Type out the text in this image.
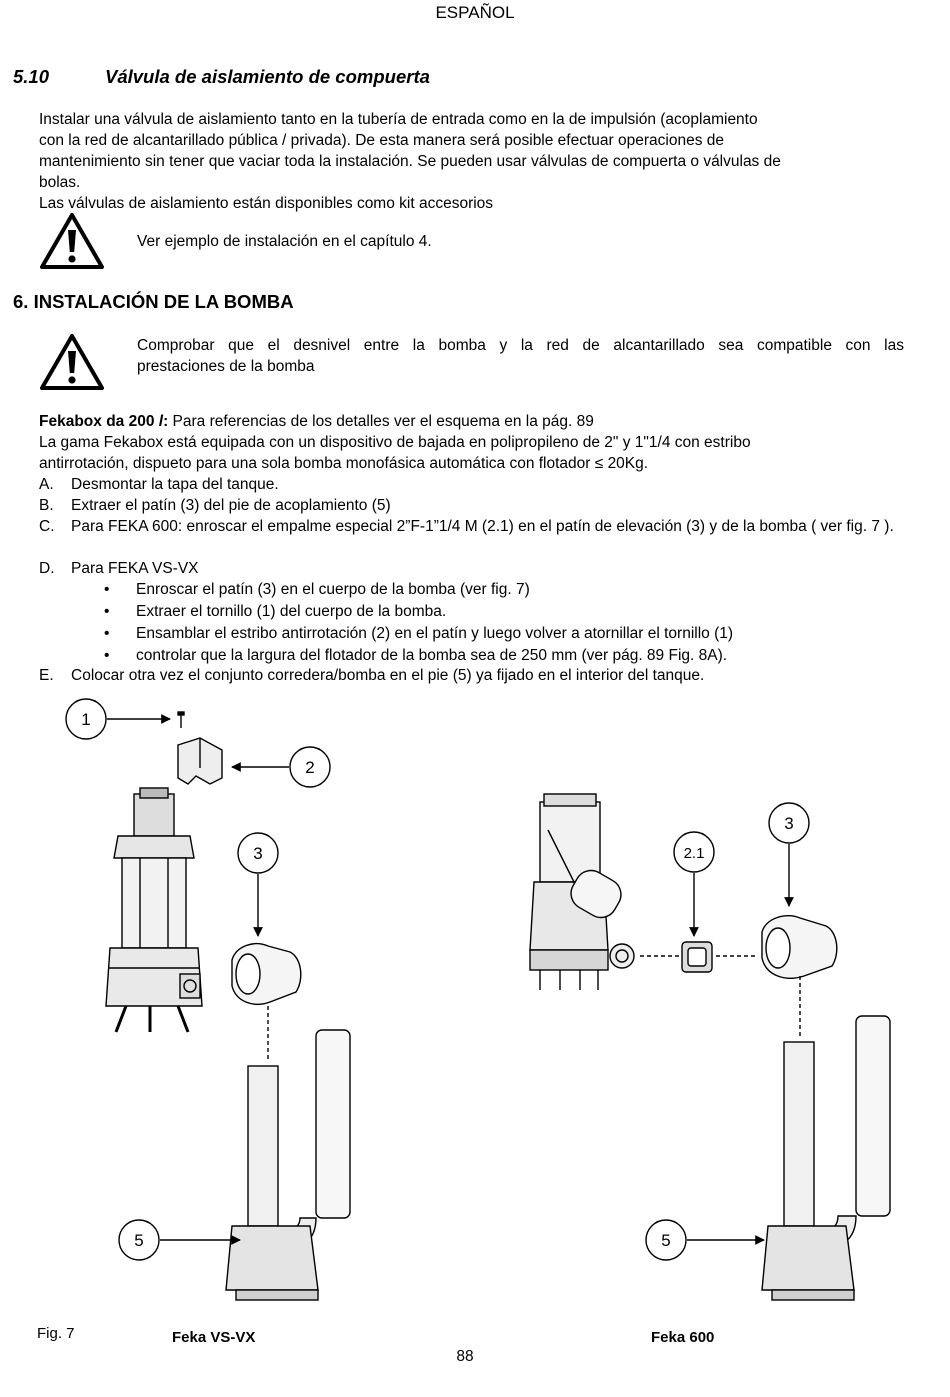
ESPAÑOL
5.10	Válvula de aislamiento de compuerta
Instalar una válvula de aislamiento tanto en la tubería de entrada como en la de impulsión (acoplamiento
con la red de alcantarillado pública / privada). De esta manera será posible efectuar operaciones de
mantenimiento sin tener que vaciar toda la instalación. Se pueden usar válvulas de compuerta o válvulas de
bolas.
Las válvulas de aislamiento están disponibles como kit accesorios
Ver ejemplo de instalación en el capítulo 4.
6. INSTALACIÓN DE LA BOMBA
Comprobar que el desnivel entre la bomba y la red de alcantarillado sea compatible con las
prestaciones de la bomba
Fekabox da 200 l: Para referencias de los detalles ver el esquema en la pág. 89
La gama Fekabox está equipada con un dispositivo de bajada en polipropileno de 2" y 1"1/4 con estribo
antirrotación, dispueto para una sola bomba monofásica automática con flotador ≤ 20Kg.
A. Desmontar la tapa del tanque.
B. Extraer el patín (3) del pie de acoplamiento (5)
C. Para FEKA 600: enroscar el empalme especial 2”F-1”1/4 M (2.1) en el patín de elevación (3) y de la bomba ( ver fig. 7 ).
D. Para FEKA VS-VX
• Enroscar el patín (3) en el cuerpo de la bomba (ver fig. 7)
• Extraer el tornillo (1) del cuerpo de la bomba.
• Ensamblar el estribo antirrotación (2) en el patín y luego volver a atornillar el tornillo (1)
• controlar que la largura del flotador de la bomba sea de 250 mm (ver pág. 89 Fig. 8A).
E. Colocar otra vez el conjunto corredera/bomba en el pie (5) ya fijado en el interior del tanque.
1
2
3
3
2.1
5	5
Fig. 7	Feka VS-VX	Feka 600
88
